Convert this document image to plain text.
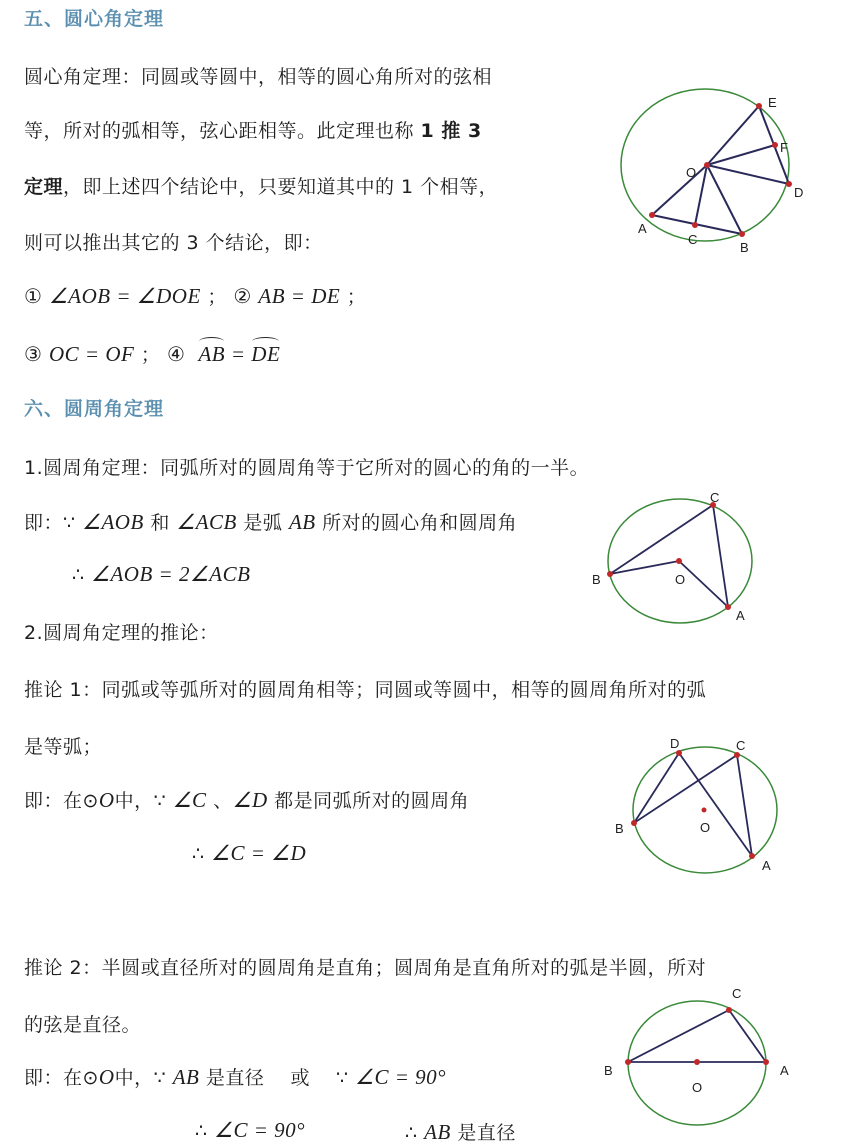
五、圆心角定理
圆心角定理：同圆或等圆中，相等的圆心角所对的弦相
等，所对的弧相等，弦心距相等。此定理也称 1 推 3
定理，即上述四个结论中，只要知道其中的 1 个相等，
则可以推出其它的 3 个结论，即：
① ∠AOB = ∠DOE ； ② AB = DE ；
③ OC = OF ； ④ AB = DE
A
B
C
D
E
F
O
六、圆周角定理
1.圆周角定理：同弧所对的圆周角等于它所对的圆心的角的一半。
即：∵ ∠AOB 和 ∠ACB 是弧 AB 所对的圆心角和圆周角
∴ ∠AOB = 2∠ACB
2.圆周角定理的推论：
B
C
O
A
推论 1：同弧或等弧所对的圆周角相等；同圆或等圆中，相等的圆周角所对的弧
是等弧；
即：在⊙O中，∵ ∠C 、∠D 都是同弧所对的圆周角
∴ ∠C = ∠D
B
D	C
O
A
推论 2：半圆或直径所对的圆周角是直角；圆周角是直角所对的弧是半圆，所对
的弦是直径。
即：在⊙O中，∵ AB 是直径　 或　 ∵ ∠C = 90°
∴ ∠C = 90°	∴ AB 是直径
B	A
C
O
